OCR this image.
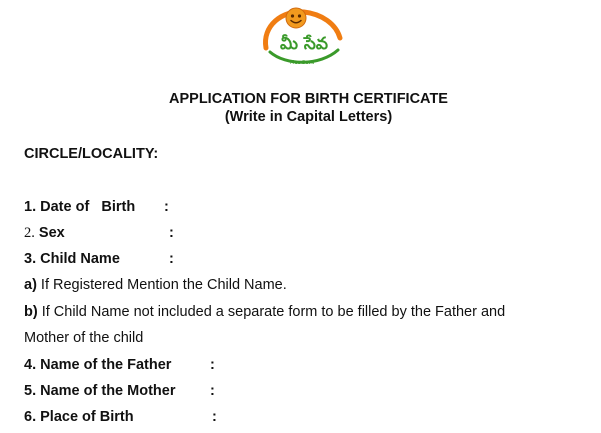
మీ సేవ
Mee Seva
APPLICATION FOR BIRTH CERTIFICATE
(Write in Capital Letters)
CIRCLE/LOCALITY:
1. Date of   Birth :
2. Sex	:
3. Child Name	:
a) If Registered Mention the Child Name.
b) If Child Name not included a separate form to be filled by the Father and
Mother of the child
4. Name of the Father	:
5. Name of the Mother :
6. Place of Birth	:
